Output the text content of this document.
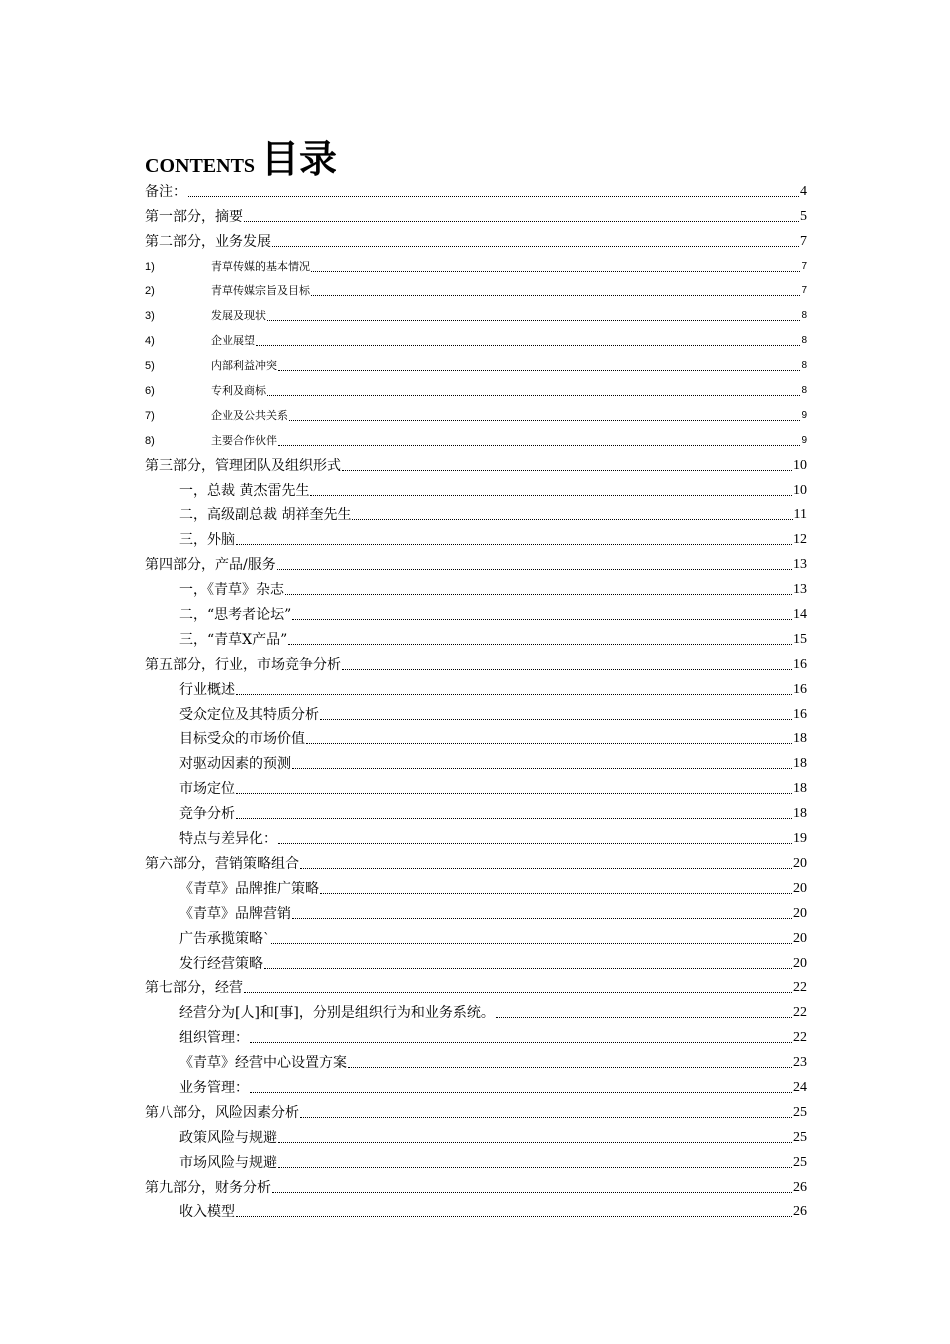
CONTENTS 目录
备注：	4
第一部分，摘要	5
第二部分，业务发展	7
1)	青草传媒的基本情况	7
2)	青草传媒宗旨及目标	7
3)	发展及现状	8
4)	企业展望	8
5)	内部利益冲突	8
6)	专利及商标	8
7)	企业及公共关系	9
8)	主要合作伙伴	9
第三部分，管理团队及组织形式	10
一，总裁 黄杰雷先生	10
二，高级副总裁 胡祥奎先生	11
三，外脑	12
第四部分，产品/服务	13
一，《青草》杂志	13
二，“思考者论坛”	14
三，“青草X产品”	15
第五部分，行业，市场竞争分析	16
行业概述	16
受众定位及其特质分析	16
目标受众的市场价值	18
对驱动因素的预测	18
市场定位	18
竞争分析	18
特点与差异化：	19
第六部分，营销策略组合	20
《青草》品牌推广策略	20
《青草》品牌营销	20
广告承揽策略`	20
发行经营策略	20
第七部分，经营	22
经营分为[人]和[事]，分别是组织行为和业务系统。	22
组织管理：	22
《青草》经营中心设置方案	23
业务管理：	24
第八部分，风险因素分析	25
政策风险与规避	25
市场风险与规避	25
第九部分，财务分析	26
收入模型	26
